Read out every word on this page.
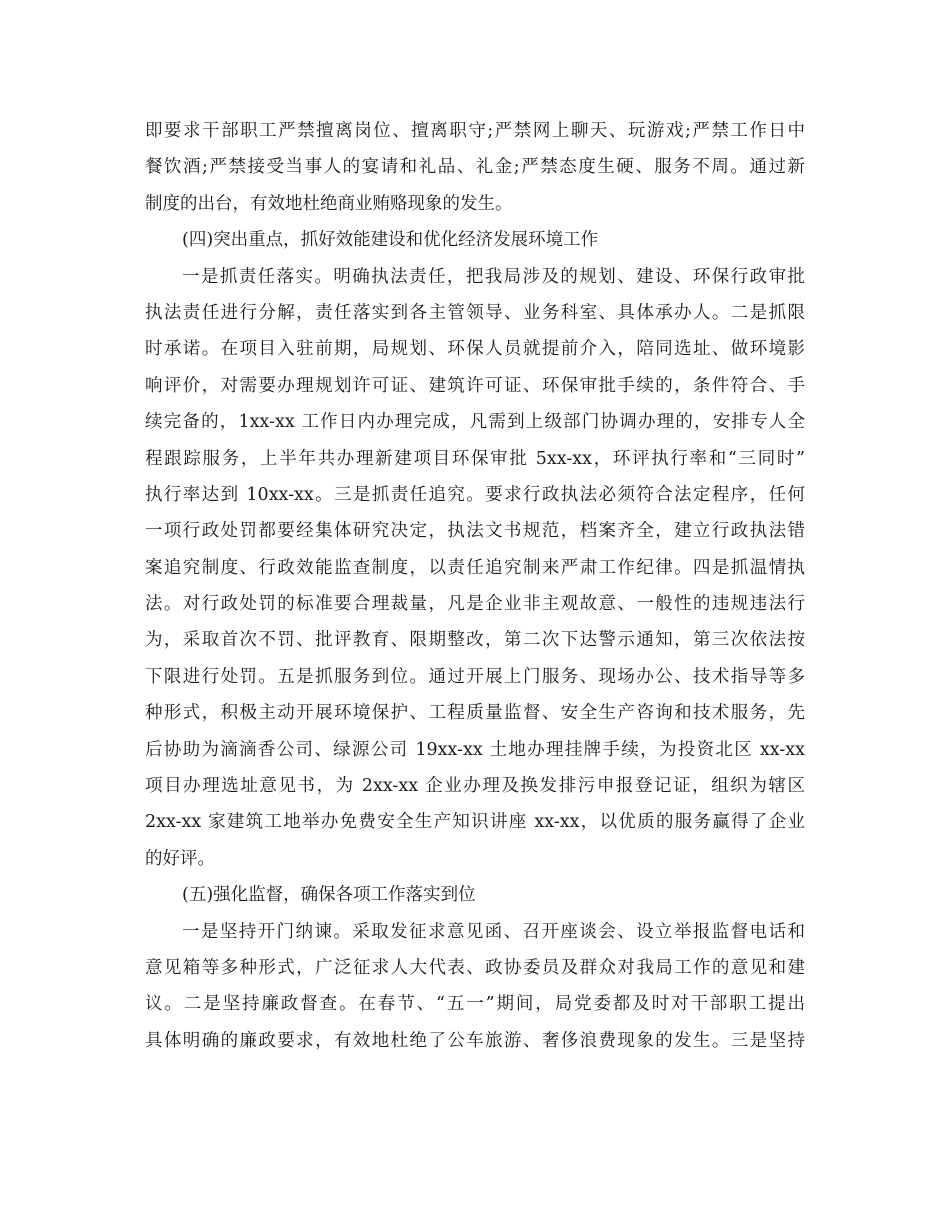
即要求干部职工严禁擅离岗位、擅离职守;严禁网上聊天、玩游戏;严禁工作日中
餐饮酒;严禁接受当事人的宴请和礼品、礼金;严禁态度生硬、服务不周。通过新
制度的出台，有效地杜绝商业贿赂现象的发生。
(四)突出重点，抓好效能建设和优化经济发展环境工作
一是抓责任落实。明确执法责任，把我局涉及的规划、建设、环保行政审批
执法责任进行分解，责任落实到各主管领导、业务科室、具体承办人。二是抓限
时承诺。在项目入驻前期，局规划、环保人员就提前介入，陪同选址、做环境影
响评价，对需要办理规划许可证、建筑许可证、环保审批手续的，条件符合、手
续完备的，1xx-xx 工作日内办理完成，凡需到上级部门协调办理的，安排专人全
程跟踪服务，上半年共办理新建项目环保审批 5xx-xx，环评执行率和“三同时”
执行率达到 10xx-xx。三是抓责任追究。要求行政执法必须符合法定程序，任何
一项行政处罚都要经集体研究决定，执法文书规范，档案齐全，建立行政执法错
案追究制度、行政效能监查制度，以责任追究制来严肃工作纪律。四是抓温情执
法。对行政处罚的标准要合理裁量，凡是企业非主观故意、一般性的违规违法行
为，采取首次不罚、批评教育、限期整改，第二次下达警示通知，第三次依法按
下限进行处罚。五是抓服务到位。通过开展上门服务、现场办公、技术指导等多
种形式，积极主动开展环境保护、工程质量监督、安全生产咨询和技术服务，先
后协助为滴滴香公司、绿源公司 19xx-xx 土地办理挂牌手续，为投资北区 xx-xx
项目办理选址意见书，为 2xx-xx 企业办理及换发排污申报登记证，组织为辖区
2xx-xx 家建筑工地举办免费安全生产知识讲座 xx-xx，以优质的服务赢得了企业
的好评。
(五)强化监督，确保各项工作落实到位
一是坚持开门纳谏。采取发征求意见函、召开座谈会、设立举报监督电话和
意见箱等多种形式，广泛征求人大代表、政协委员及群众对我局工作的意见和建
议。二是坚持廉政督查。在春节、“五一”期间，局党委都及时对干部职工提出
具体明确的廉政要求，有效地杜绝了公车旅游、奢侈浪费现象的发生。三是坚持
